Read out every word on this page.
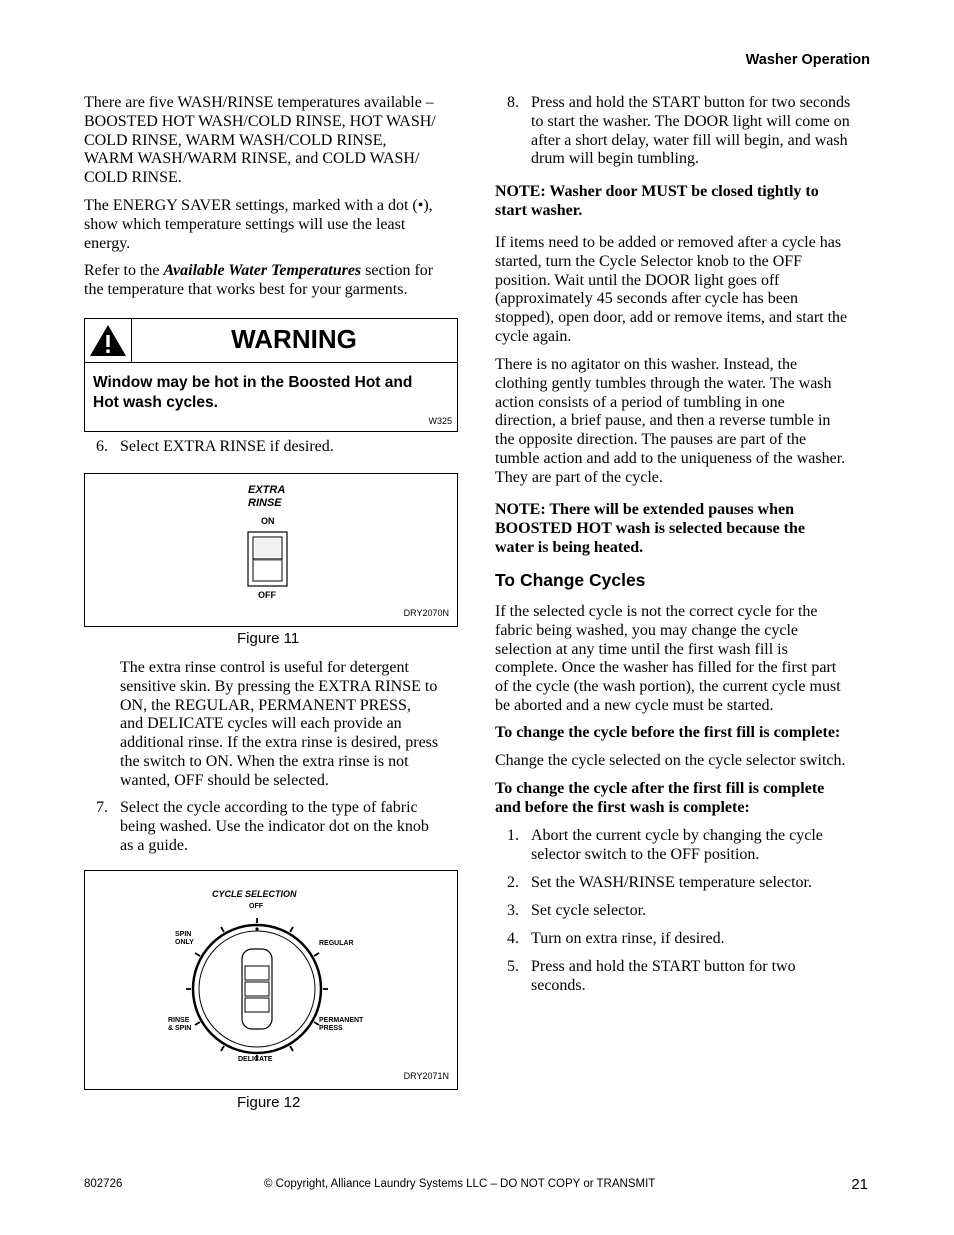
Washer Operation
There are five WASH/RINSE temperatures available –
BOOSTED HOT WASH/COLD RINSE, HOT WASH/
COLD RINSE, WARM WASH/COLD RINSE,
WARM WASH/WARM RINSE, and COLD WASH/
COLD RINSE.
The ENERGY SAVER settings, marked with a dot (•),
show which temperature settings will use the least
energy.
Refer to the Available Water Temperatures section for
the temperature that works best for your garments.
WARNING
Window may be hot in the Boosted Hot and
Hot wash cycles.
W325
6. Select EXTRA RINSE if desired.
EXTRA
RINSE
ON
OFF
DRY2070N
Figure 11
The extra rinse control is useful for detergent
sensitive skin. By pressing the EXTRA RINSE to
ON, the REGULAR, PERMANENT PRESS,
and DELICATE cycles will each provide an
additional rinse. If the extra rinse is desired, press
the switch to ON. When the extra rinse is not
wanted, OFF should be selected.
7. Select the cycle according to the type of fabric
being washed. Use the indicator dot on the knob
as a guide.
CYCLE SELECTION
OFF
SPIN
ONLY	REGULAR
RINSE
& SPIN
PERMANENT
PRESS
DELICATE
DRY2071N
Figure 12
8. Press and hold the START button for two seconds
to start the washer. The DOOR light will come on
after a short delay, water fill will begin, and wash
drum will begin tumbling.
NOTE: Washer door MUST be closed tightly to
start washer.
If items need to be added or removed after a cycle has
started, turn the Cycle Selector knob to the OFF
position. Wait until the DOOR light goes off
(approximately 45 seconds after cycle has been
stopped), open door, add or remove items, and start the
cycle again.
There is no agitator on this washer. Instead, the
clothing gently tumbles through the water. The wash
action consists of a period of tumbling in one
direction, a brief pause, and then a reverse tumble in
the opposite direction. The pauses are part of the
tumble action and add to the uniqueness of the washer.
They are part of the cycle.
NOTE: There will be extended pauses when
BOOSTED HOT wash is selected because the
water is being heated.
To Change Cycles
If the selected cycle is not the correct cycle for the
fabric being washed, you may change the cycle
selection at any time until the first wash fill is
complete. Once the washer has filled for the first part
of the cycle (the wash portion), the current cycle must
be aborted and a new cycle must be started.
To change the cycle before the first fill is complete:
Change the cycle selected on the cycle selector switch.
To change the cycle after the first fill is complete
and before the first wash is complete:
1. Abort the current cycle by changing the cycle
selector switch to the OFF position.
2. Set the WASH/RINSE temperature selector.
3. Set cycle selector.
4. Turn on extra rinse, if desired.
5. Press and hold the START button for two
seconds.
802726	© Copyright, Alliance Laundry Systems LLC – DO NOT COPY or TRANSMIT	21
